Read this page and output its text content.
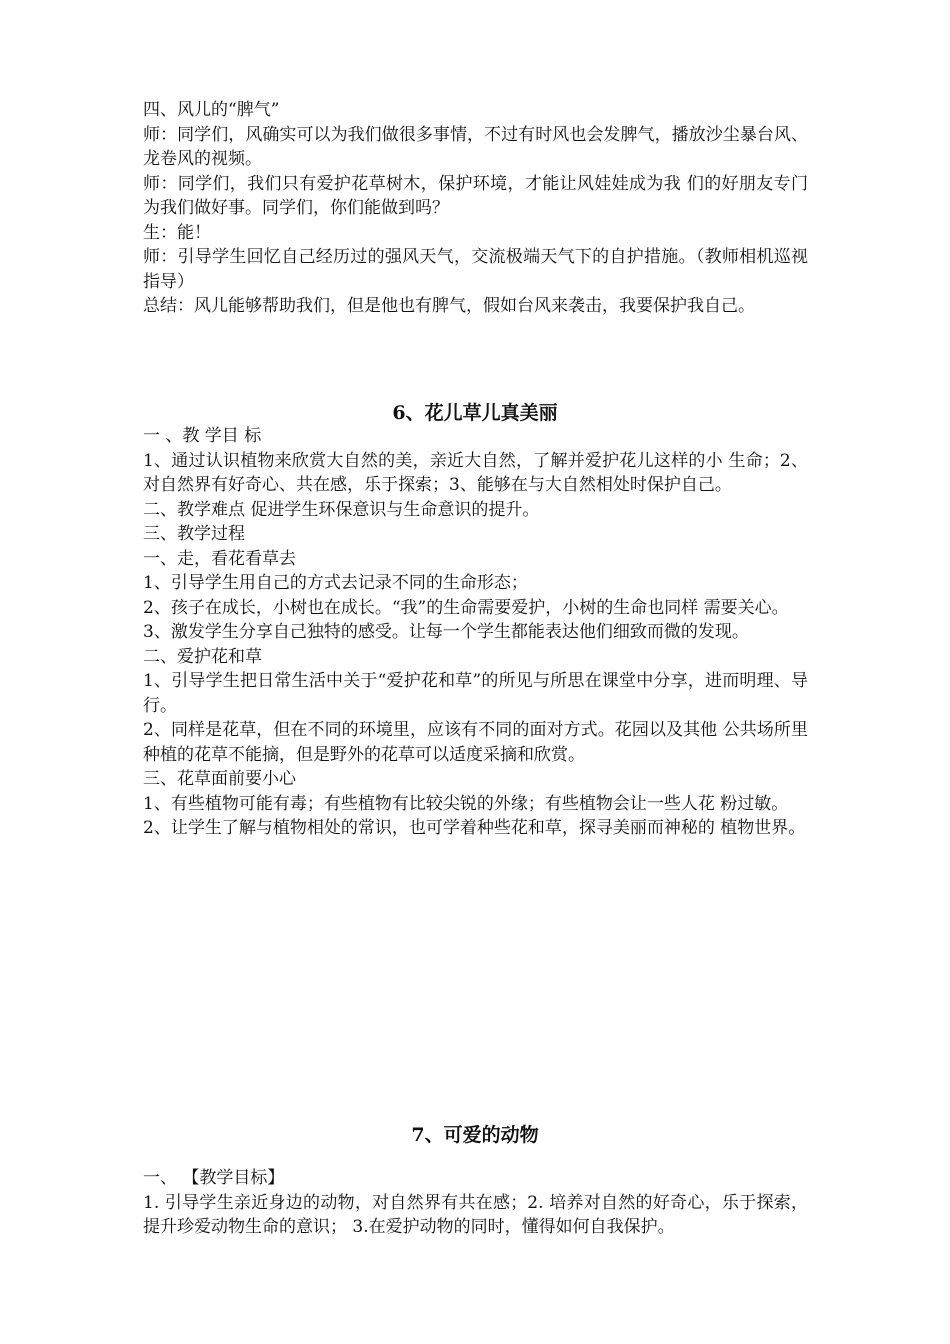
四、风儿的“脾气”

师：同学们，风确实可以为我们做很多事情，不过有时风也会发脾气，播放沙尘暴台风、龙卷风的视频。

师：同学们，我们只有爱护花草树木，保护环境，才能让风娃娃成为我 们的好朋友专门为我们做好事。同学们，你们能做到吗？

生：能！

师：引导学生回忆自己经历过的强风天气，交流极端天气下的自护措施。（教师相机巡视指导）

总结：风儿能够帮助我们，但是他也有脾气，假如台风来袭击，我要保护我自己。

6、花儿草儿真美丽

一 、教 学目 标

1、通过认识植物来欣赏大自然的美，亲近大自然，了解并爱护花儿这样的小 生命；2、对自然界有好奇心、共在感，乐于探索；3、能够在与大自然相处时保护自己。

二、教学难点 促进学生环保意识与生命意识的提升。

三、教学过程

一、走，看花看草去

1、引导学生用自己的方式去记录不同的生命形态；

2、孩子在成长，小树也在成长。“我”的生命需要爱护，小树的生命也同样 需要关心。

3、激发学生分享自己独特的感受。让每一个学生都能表达他们细致而微的发现。

二、爱护花和草

1、引导学生把日常生活中关于“爱护花和草”的所见与所思在课堂中分享，进而明理、导行。

2、同样是花草，但在不同的环境里，应该有不同的面对方式。花园以及其他 公共场所里种植的花草不能摘，但是野外的花草可以适度采摘和欣赏。

三、花草面前要小心

1、有些植物可能有毒；有些植物有比较尖锐的外缘；有些植物会让一些人花 粉过敏。

2、让学生了解与植物相处的常识，也可学着种些花和草，探寻美丽而神秘的 植物世界。

7、可爱的动物

一、 【教学目标】

1. 引导学生亲近身边的动物，对自然界有共在感；2. 培养对自然的好奇心，乐于探索，提升珍爱动物生命的意识； 3.在爱护动物的同时，懂得如何自我保护。
